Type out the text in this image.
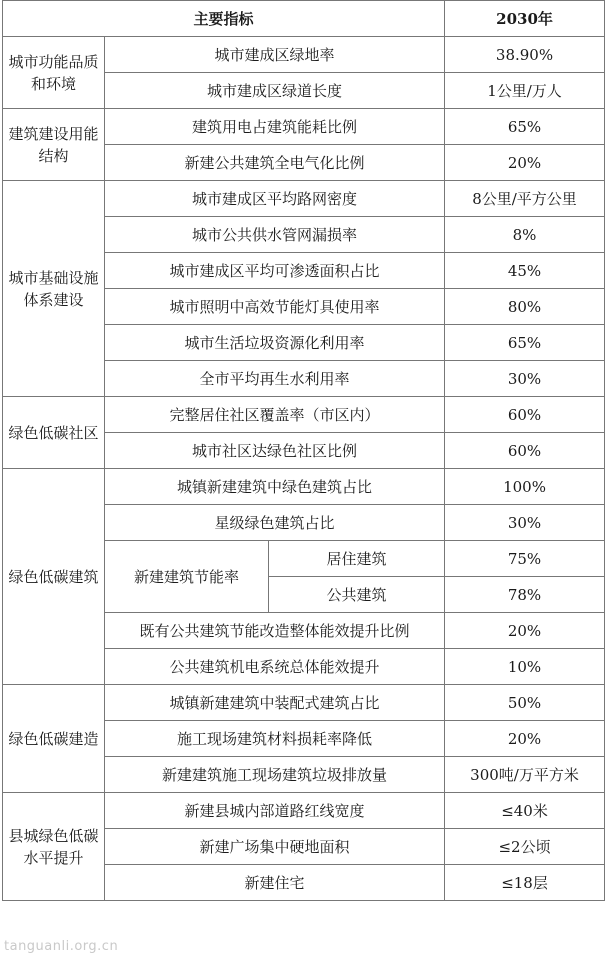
主要指标			2030年
城市功能品质和环境	城市建成区绿地率		38.90%
	城市建成区绿道长度		1公里/万人
建筑建设用能结构	建筑用电占建筑能耗比例		65%
	新建公共建筑全电气化比例		20%
城市基础设施体系建设	城市建成区平均路网密度		8公里/平方公里
	城市公共供水管网漏损率		8%
	城市建成区平均可渗透面积占比		45%
	城市照明中高效节能灯具使用率		80%
	城市生活垃圾资源化利用率		65%
	全市平均再生水利用率		30%
绿色低碳社区	完整居住社区覆盖率（市区内）		60%
	城市社区达绿色社区比例		60%
绿色低碳建筑	城镇新建建筑中绿色建筑占比		100%
	星级绿色建筑占比		30%
	新建建筑节能率	居住建筑	75%
		公共建筑	78%
	既有公共建筑节能改造整体能效提升比例		20%
	公共建筑机电系统总体能效提升		10%
绿色低碳建造	城镇新建建筑中装配式建筑占比		50%
	施工现场建筑材料损耗率降低		20%
	新建建筑施工现场建筑垃圾排放量		300吨/万平方米
县城绿色低碳水平提升	新建县城内部道路红线宽度		≤40米
	新建广场集中硬地面积		≤2公顷
	新建住宅		≤18层
tanguanli.org.cn
